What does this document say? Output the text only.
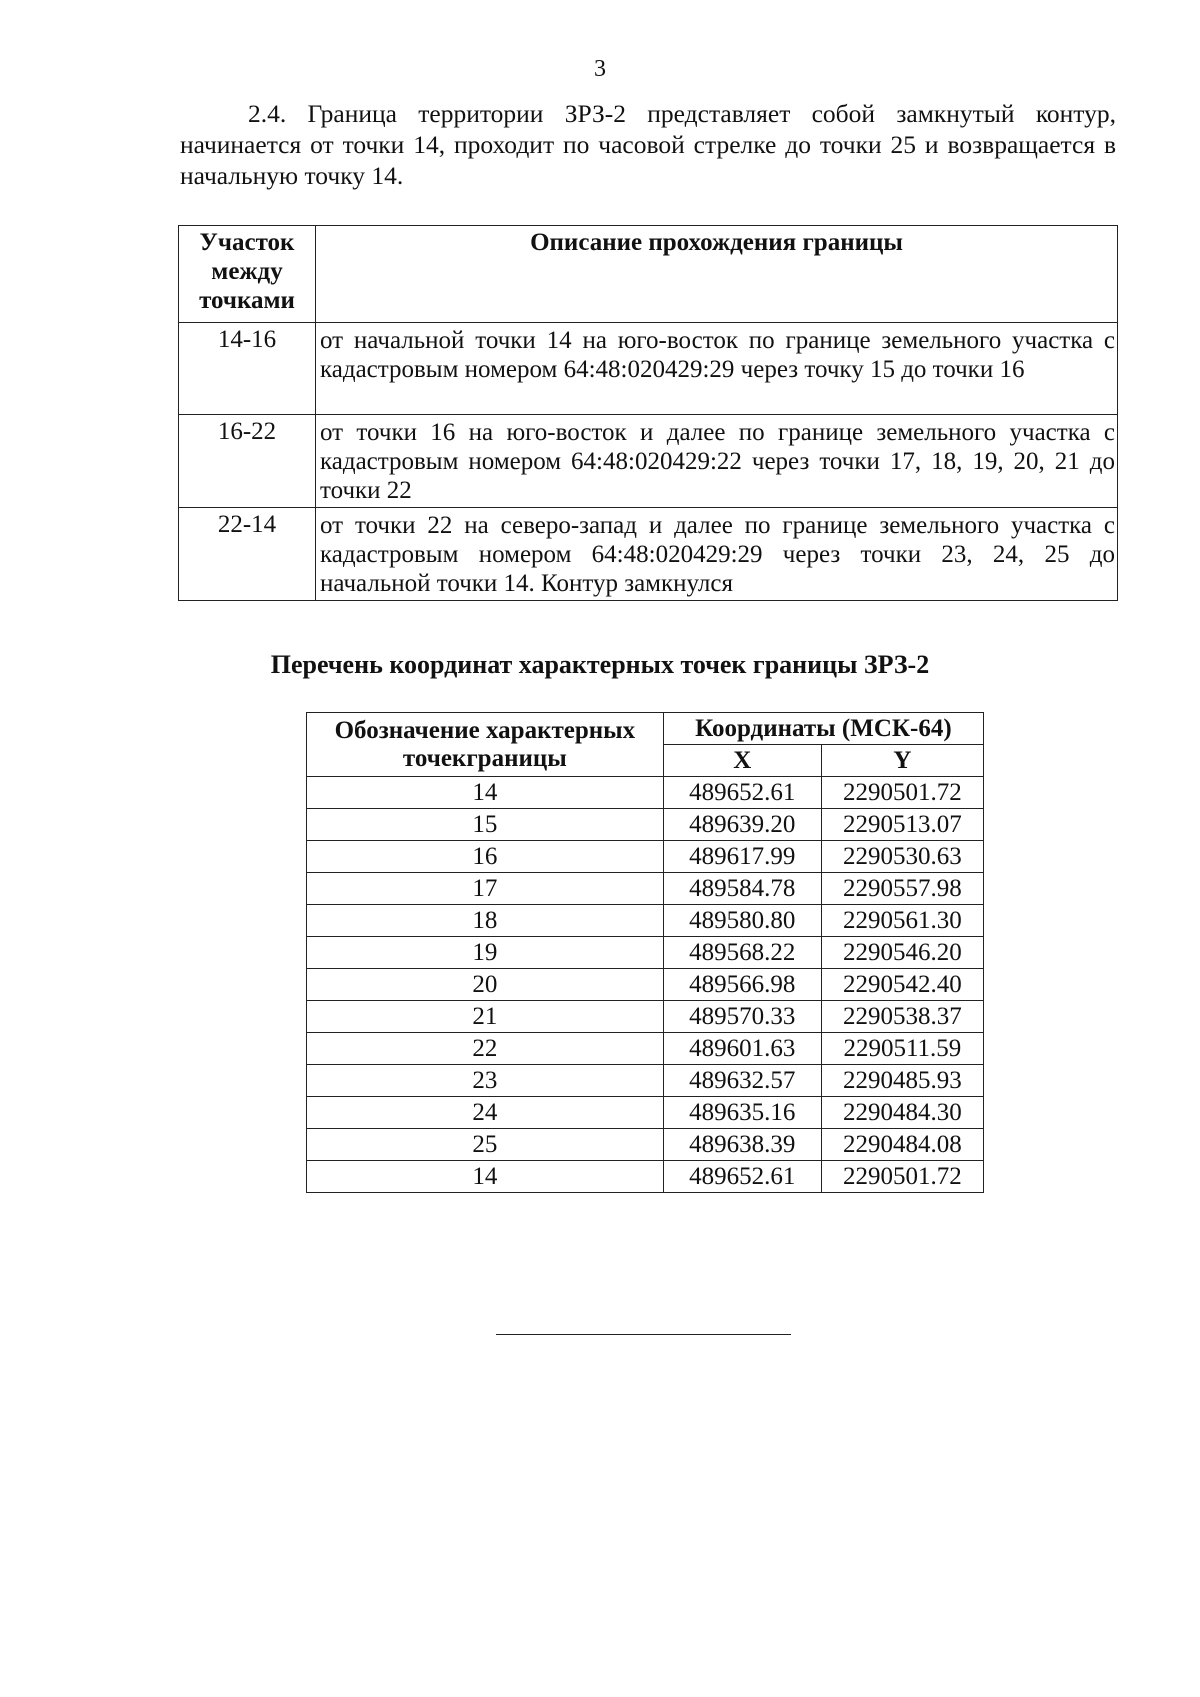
3

2.4. Граница территории ЗРЗ-2 представляет собой замкнутый контур, начинается от точки 14, проходит по часовой стрелке до точки 25 и возвращается в начальную точку 14.

Участок между точками	Описание прохождения границы
14-16	от начальной точки 14 на юго-восток по границе земельного участка с кадастровым номером 64:48:020429:29 через точку 15 до точки 16
16-22	от точки 16 на юго-восток и далее по границе земельного участка с кадастровым номером 64:48:020429:22 через точки 17, 18, 19, 20, 21 до точки 22
22-14	от точки 22 на северо-запад и далее по границе земельного участка с кадастровым номером 64:48:020429:29 через точки 23, 24, 25 до начальной точки 14. Контур замкнулся
Перечень координат характерных точек границы ЗРЗ-2
Обозначение характерных точекграницы	Координаты (МСК-64)	
	X	Y
14	489652.61	2290501.72
15	489639.20	2290513.07
16	489617.99	2290530.63
17	489584.78	2290557.98
18	489580.80	2290561.30
19	489568.22	2290546.20
20	489566.98	2290542.40
21	489570.33	2290538.37
22	489601.63	2290511.59
23	489632.57	2290485.93
24	489635.16	2290484.30
25	489638.39	2290484.08
14	489652.61	2290501.72
